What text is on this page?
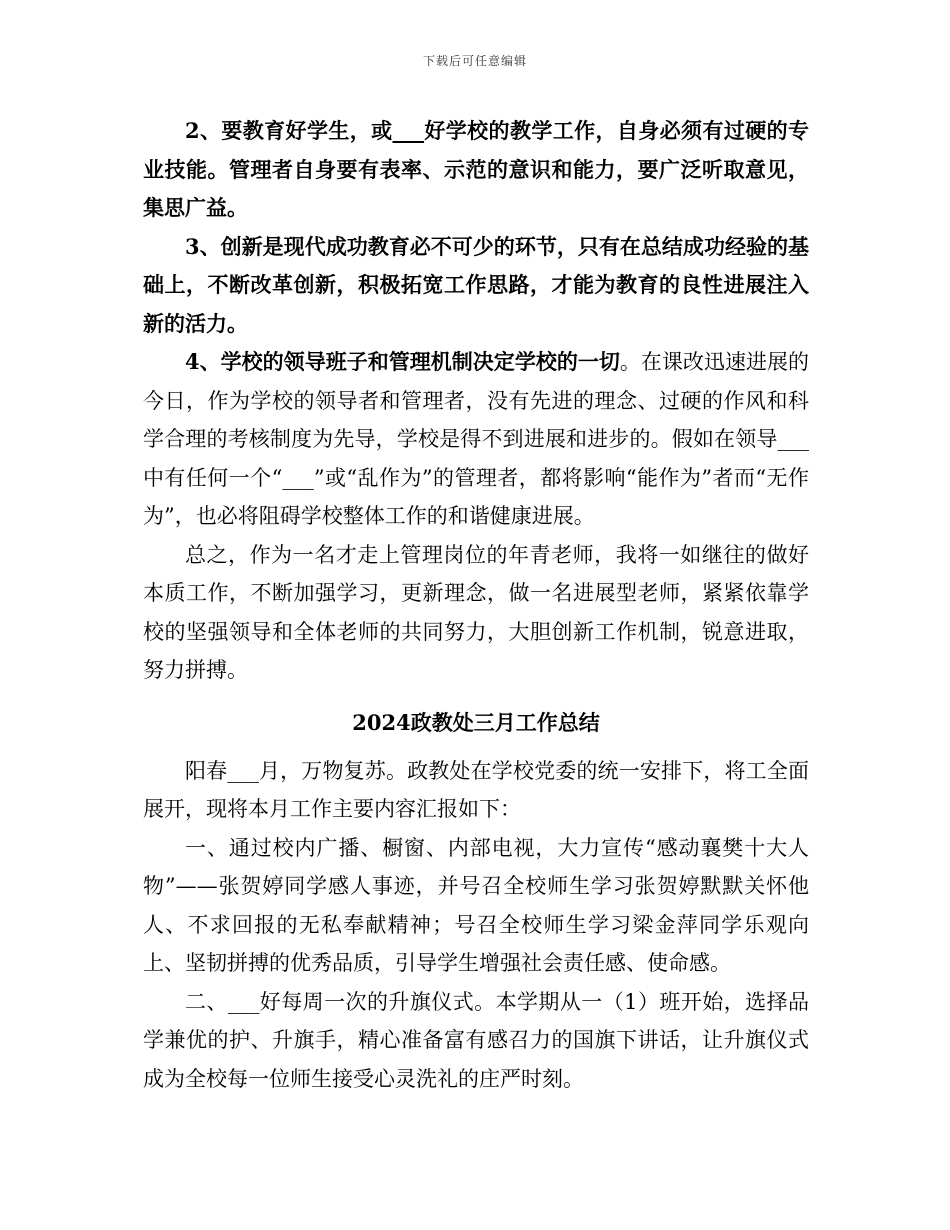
下载后可任意编辑

2、要教育好学生，或___好学校的教学工作，自身必须有过硬的专业技能。管理者自身要有表率、示范的意识和能力，要广泛听取意见，集思广益。

3、创新是现代成功教育必不可少的环节，只有在总结成功经验的基础上，不断改革创新，积极拓宽工作思路，才能为教育的良性进展注入新的活力。

4、学校的领导班子和管理机制决定学校的一切。在课改迅速进展的今日，作为学校的领导者和管理者，没有先进的理念、过硬的作风和科学合理的考核制度为先导，学校是得不到进展和进步的。假如在领导___中有任何一个“___”或“乱作为”的管理者，都将影响“能作为”者而“无作为”，也必将阻碍学校整体工作的和谐健康进展。

总之，作为一名才走上管理岗位的年青老师，我将一如继往的做好本质工作，不断加强学习，更新理念，做一名进展型老师，紧紧依靠学校的坚强领导和全体老师的共同努力，大胆创新工作机制，锐意进取，努力拼搏。

2024政教处三月工作总结

阳春___月，万物复苏。政教处在学校党委的统一安排下，将工全面展开，现将本月工作主要内容汇报如下：

一、通过校内广播、橱窗、内部电视，大力宣传“感动襄樊十大人物”——张贺婷同学感人事迹，并号召全校师生学习张贺婷默默关怀他人、不求回报的无私奉献精神；号召全校师生学习梁金萍同学乐观向上、坚韧拼搏的优秀品质，引导学生增强社会责任感、使命感。

二、___好每周一次的升旗仪式。本学期从一（1）班开始，选择品学兼优的护、升旗手，精心准备富有感召力的国旗下讲话，让升旗仪式成为全校每一位师生接受心灵洗礼的庄严时刻。
